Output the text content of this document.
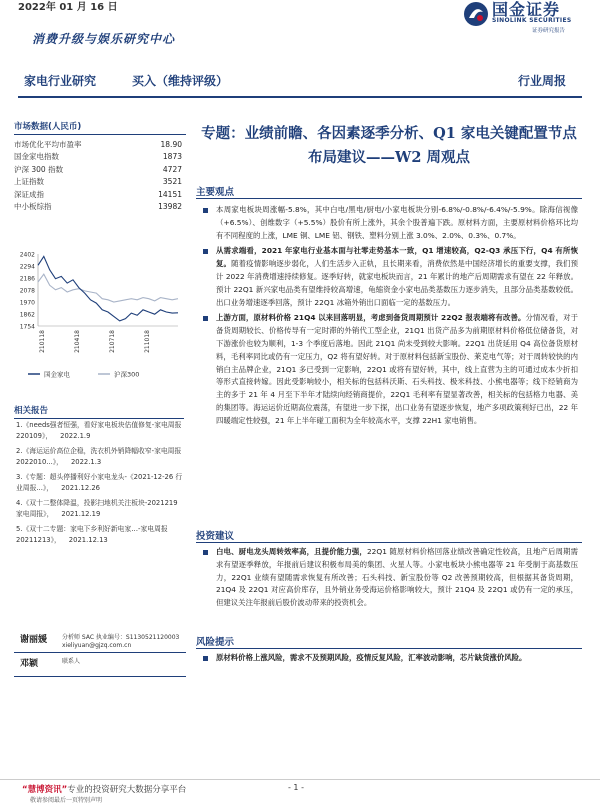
2022年 01 月 16 日
消费升级与娱乐研究中心
国金证券
SINOLINK SECURITIES
证券研究报告
家电行业研究	买入（维持评级）	行业周报
市场数据(人民币)
市场优化平均市盈率	18.90
国金家电指数	1873
沪深 300 指数	4727
上证指数	3521
深证成指	14151
中小板综指	13982
2402
2294
2186
2078
1970
1862
1754
210118	210418	210718	211018
国金家电	沪深300
相关报告
1.《needs强者恒强，看好家电板块估值修复-家电周报 220109》， 2022.1.9
2.《海运运价高位企稳，洗衣机外销降幅收窄-家电周报 2022010...》， 2022.1.3
3.《专题：超头停播利好小家电龙头-《2021-12-26 行业周报...》， 2021.12.26
4.《双十二整体降温，投影扫地机关注板块-2021219 家电周报》， 2021.12.19
5.《双十二专题：家电下乡利好新电家…-家电周报 20211213》， 2021.12.13
谢丽媛 分析师 SAC 执业编号：S1130521120003
xieliyuan@gjzq.com.cn
邓颖	联系人
专题：业绩前瞻、各因素逐季分析、Q1 家电关键配置节点布局建议——W2 周观点
主要观点
本周家电板块周涨幅-5.8%，其中白电/黑电/厨电/小家电板块分别-6.8%/-0.8%/-6.4%/-5.9%。除海信视像（+6.5%）、创维数字（+5.5%）股价有所上涨外，其余个股普遍下跌。原材料方面，主要原材料价格环比均有不同程度的上涨，LME 铜、LME 铝、钢铁、塑料分别上涨 3.0%、2.0%、0.3%、0.7%。
从需求端看，2021 年家电行业基本面与社零走势基本一致，Q1 增速较高，Q2-Q3 承压下行，Q4 有所恢复。随着疫情影响逐步弱化，人们生活步入正轨，且长期来看，消费依然是中国经济增长的重要支撑，我们预计 2022 年消费增速持续修复。逐季好转，就家电板块而言，21 年累计的地产后周期需求有望在 22 年释放。预计 22Q1 新兴家电品类有望维持较高增速，龟缩资金小家电品类基数压力逐步消失，且部分品类基数较低。出口业务增速逐季回落，预计 22Q1 冰箱外销出口面临一定的基数压力。
上游方面，原材料价格 21Q4 以来回落明显，考虑到备货周期预计 22Q2 报表端将有改善。分情况看，对于备货周期较长、价格传导有一定时滞的外销代工型企业，21Q1 出货产品多为前期原材料价格低位储备货，对下游涨价也较为顺利，1-3 个季度后落地。因此 21Q1 尚未受到较大影响。22Q1 出货延用 Q4 高位备货原材料，毛利率同比或仍有一定压力，Q2 将有望好转。对于原材料包括新宝股份、莱克电气等；对于周转较快的内销白主品牌企业，21Q1 多已受到一定影响，22Q1 或将有望好转，其中，线上直营为主的可通过成本少折扣等形式直接转嫁。因此受影响较小，相关标的包括科沃斯、石头科技、极米科技、小熊电器等；线下经销商为主的多于 21 年 4 月至下半年才陆续向经销商提价，22Q1 毛利率有望显著改善，相关标的包括格力电器、美的集团等。海运运价近期高位震荡，有望进一步下探，出口业务有望逐步恢复，地产多项政策利好已出，22 年四暖端定性较强，21 年上半年碰工面积为全年较高水平，支撑 22H1 家电销售。
投资建议
白电、厨电龙头周转效率高，且提价能力强，22Q1 随原材料价格回落业绩改善确定性较高，且地产后周期需求有望逐季释放，年报前后建议积极布局美的集团、火星人等。小家电板块小熊电器等 21 年受制于高基数压力，22Q1 业绩有望随需求恢复有所改善；石头科技、新宝股份等 Q2 改善预期较高，但根据其备货周期，21Q4 及 22Q1 对应高价库存，且外销业务受海运价格影响较大，预计 21Q4 及 22Q1 或仍有一定的承压，但建议关注年报前后股价波动带来的投资机会。
风险提示
原材料价格上涨风险，需求不及预期风险，疫情反复风险，汇率波动影响，芯片缺货涨价风险。
“慧博资讯”专业的投资研究大数据分享平台	- 1 -
敬请参阅最后一页特别声明
